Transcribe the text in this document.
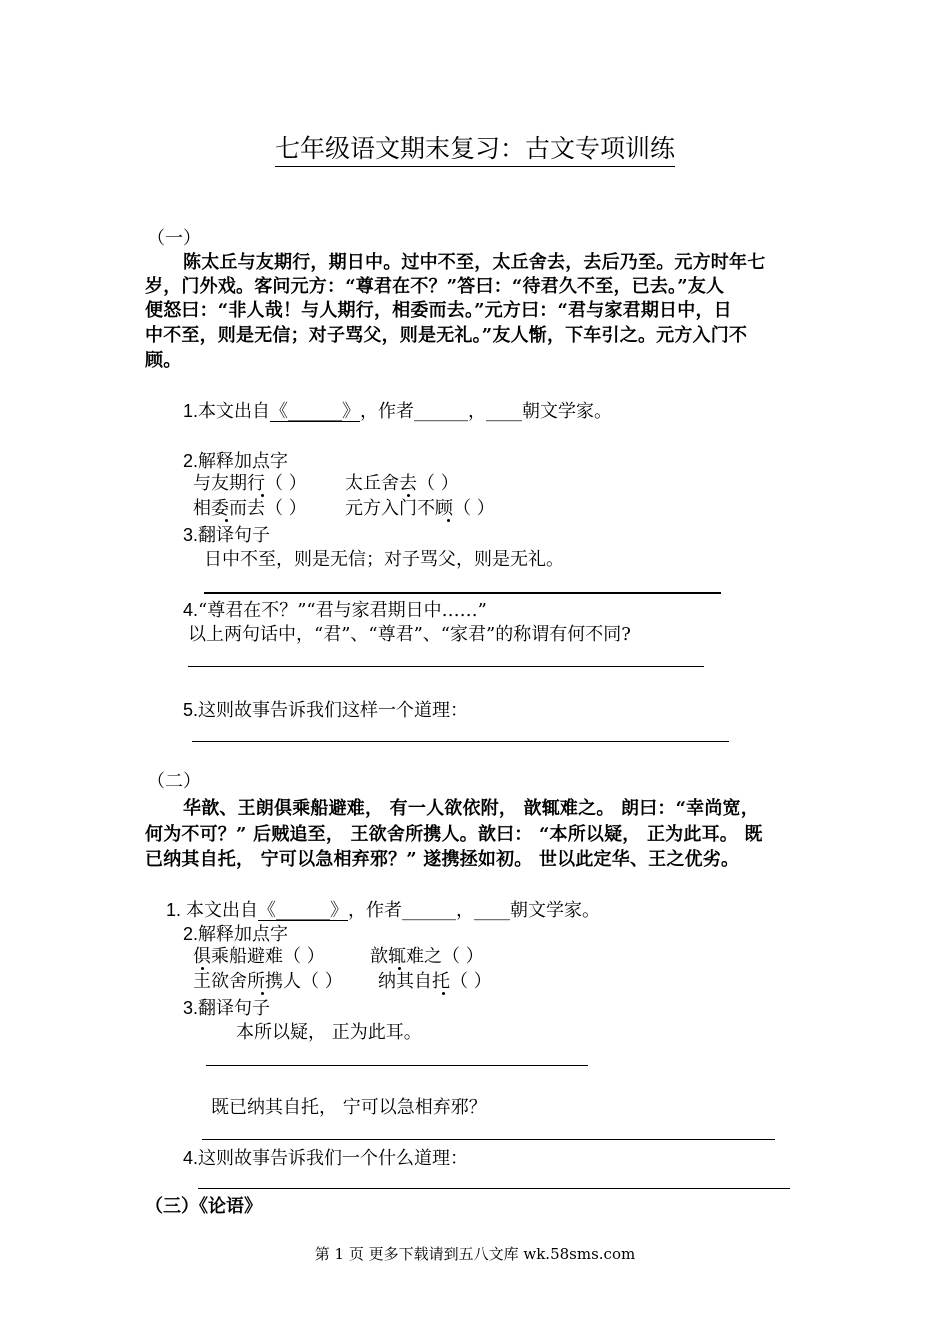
七年级语文期末复习：古文专项训练
（一）
陈太丘与友期行，期日中。过中不至，太丘舍去，去后乃至。元方时年七
岁，门外戏。客问元方：“尊君在不？”答曰：“待君久不至，已去。”友人
便怒曰：“非人哉！与人期行，相委而去。”元方曰：“君与家君期日中，日
中不至，则是无信；对子骂父，则是无礼。”友人惭，下车引之。元方入门不
顾。
1.本文出自《______》，作者______，____朝文学家。
2.解释加点字
与友期行（ ） 太丘舍去（ ）
相委而去（ ） 元方入门不顾（ ）
3.翻译句子
日中不至，则是无信；对子骂父，则是无礼。
4.“尊君在不？”“君与家君期日中……”
以上两句话中，“君”、“尊君”、“家君”的称谓有何不同?
5.这则故事告诉我们这样一个道理：
（二）
华歆、王朗俱乘船避难， 有一人欲依附， 歆辄难之。 朗曰：“幸尚宽，
何为不可？” 后贼追至， 王欲舍所携人。歆曰： “本所以疑， 正为此耳。 既
已纳其自托， 宁可以急相弃邪？” 遂携拯如初。 世以此定华、王之优劣。
1. 本文出自《______》，作者______，____朝文学家。
2.解释加点字
俱乘船避难（ ）	歆辄难之（ ）
王欲舍所携人（ ） 纳其自托（ ）
3.翻译句子
本所以疑， 正为此耳。
既已纳其自托， 宁可以急相弃邪？
4.这则故事告诉我们一个什么道理：
（三）《论语》
第 1 页 更多下载请到五八文库 wk.58sms.com
